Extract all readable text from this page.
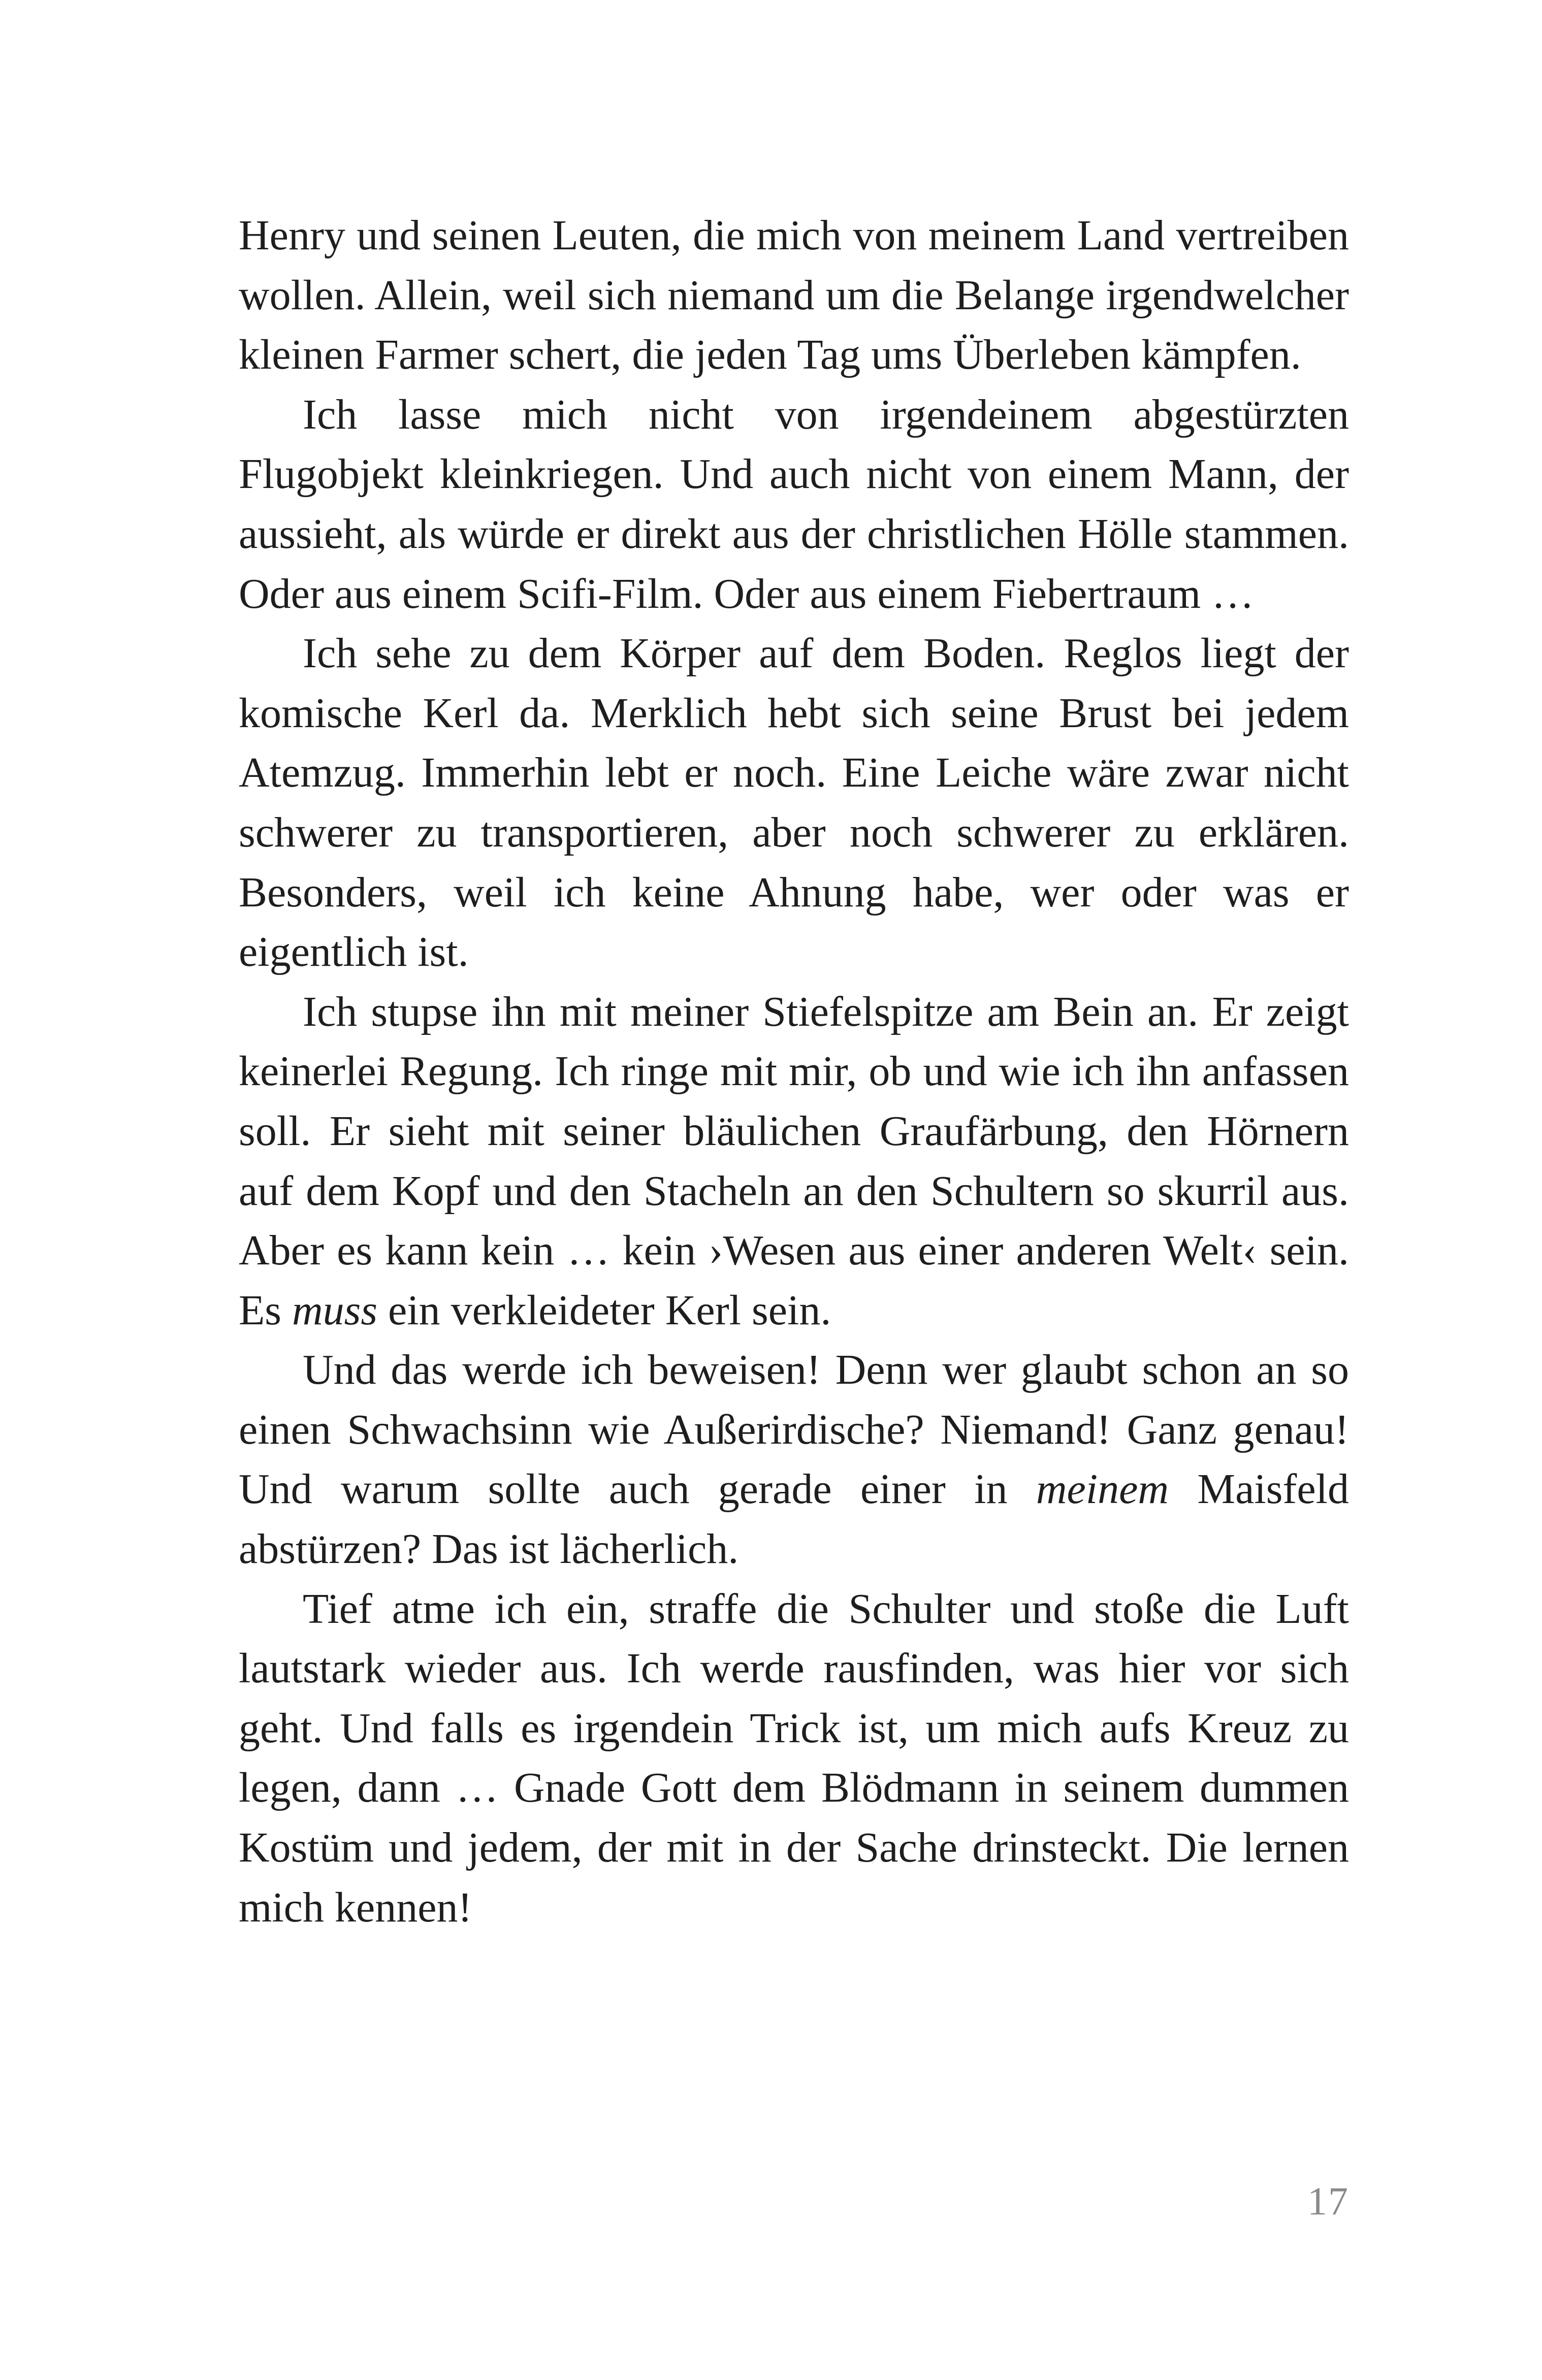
Henry und seinen Leuten, die mich von meinem Land vertreiben wollen. Allein, weil sich niemand um die Belange irgendwelcher kleinen Farmer schert, die jeden Tag ums Überleben kämpfen.

Ich lasse mich nicht von irgendeinem abgestürzten Flugobjekt kleinkriegen. Und auch nicht von einem Mann, der aussieht, als würde er direkt aus der christlichen Hölle stammen. Oder aus einem Scifi-Film. Oder aus einem Fiebertraum …

Ich sehe zu dem Körper auf dem Boden. Reglos liegt der komische Kerl da. Merklich hebt sich seine Brust bei jedem Atemzug. Immerhin lebt er noch. Eine Leiche wäre zwar nicht schwerer zu transportieren, aber noch schwerer zu erklären. Besonders, weil ich keine Ahnung habe, wer oder was er eigentlich ist.

Ich stupse ihn mit meiner Stiefelspitze am Bein an. Er zeigt keinerlei Regung. Ich ringe mit mir, ob und wie ich ihn anfassen soll. Er sieht mit seiner bläulichen Graufärbung, den Hörnern auf dem Kopf und den Stacheln an den Schultern so skurril aus. Aber es kann kein … kein ›Wesen aus einer anderen Welt‹ sein. Es muss ein verkleideter Kerl sein.

Und das werde ich beweisen! Denn wer glaubt schon an so einen Schwachsinn wie Außerirdische? Niemand! Ganz genau! Und warum sollte auch gerade einer in meinem Maisfeld abstürzen? Das ist lächerlich.

Tief atme ich ein, straffe die Schulter und stoße die Luft lautstark wieder aus. Ich werde rausfinden, was hier vor sich geht. Und falls es irgendein Trick ist, um mich aufs Kreuz zu legen, dann … Gnade Gott dem Blödmann in seinem dummen Kostüm und jedem, der mit in der Sache drinsteckt. Die lernen mich kennen!

17
